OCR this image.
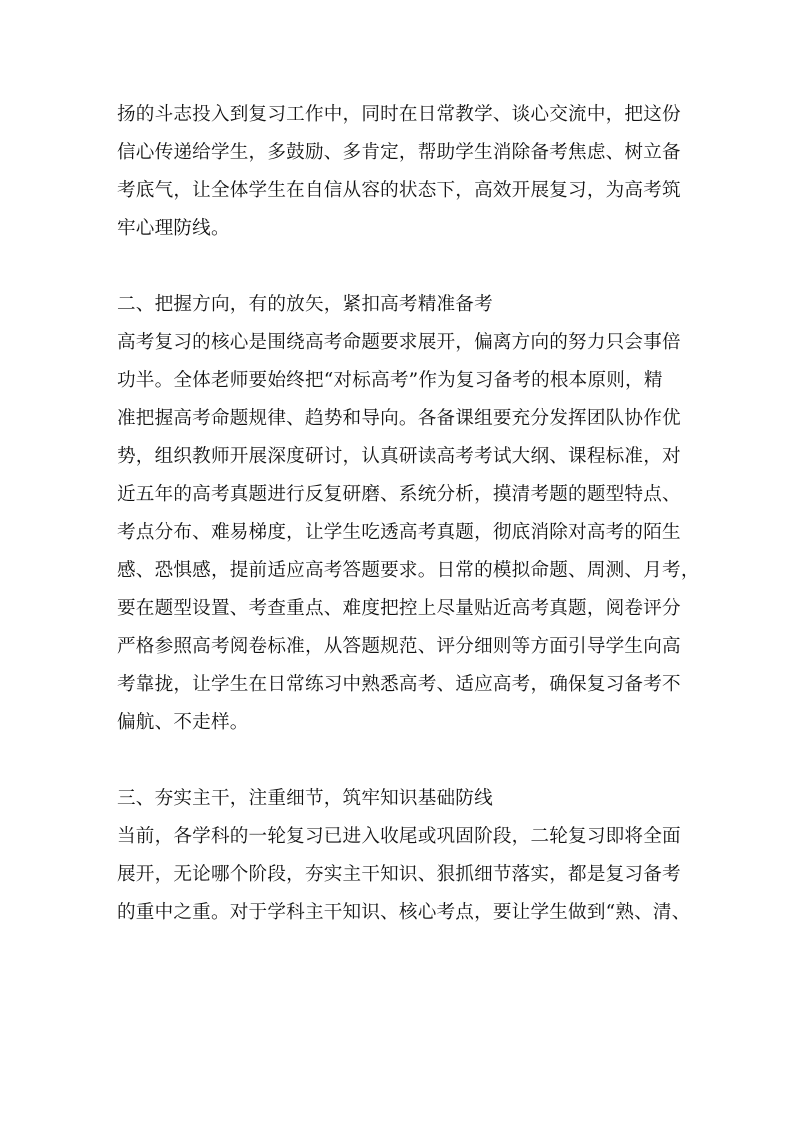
扬的斗志投入到复习工作中，同时在日常教学、谈心交流中，把这份
信心传递给学生，多鼓励、多肯定，帮助学生消除备考焦虑、树立备
考底气，让全体学生在自信从容的状态下，高效开展复习，为高考筑
牢心理防线。
二、把握方向，有的放矢，紧扣高考精准备考
高考复习的核心是围绕高考命题要求展开，偏离方向的努力只会事倍
功半。全体老师要始终把“对标高考”作为复习备考的根本原则，精
准把握高考命题规律、趋势和导向。各备课组要充分发挥团队协作优
势，组织教师开展深度研讨，认真研读高考考试大纲、课程标准，对
近五年的高考真题进行反复研磨、系统分析，摸清考题的题型特点、
考点分布、难易梯度，让学生吃透高考真题，彻底消除对高考的陌生
感、恐惧感，提前适应高考答题要求。日常的模拟命题、周测、月考，
要在题型设置、考查重点、难度把控上尽量贴近高考真题，阅卷评分
严格参照高考阅卷标准，从答题规范、评分细则等方面引导学生向高
考靠拢，让学生在日常练习中熟悉高考、适应高考，确保复习备考不
偏航、不走样。
三、夯实主干，注重细节，筑牢知识基础防线
当前，各学科的一轮复习已进入收尾或巩固阶段，二轮复习即将全面
展开，无论哪个阶段，夯实主干知识、狠抓细节落实，都是复习备考
的重中之重。对于学科主干知识、核心考点，要让学生做到“熟、清、
